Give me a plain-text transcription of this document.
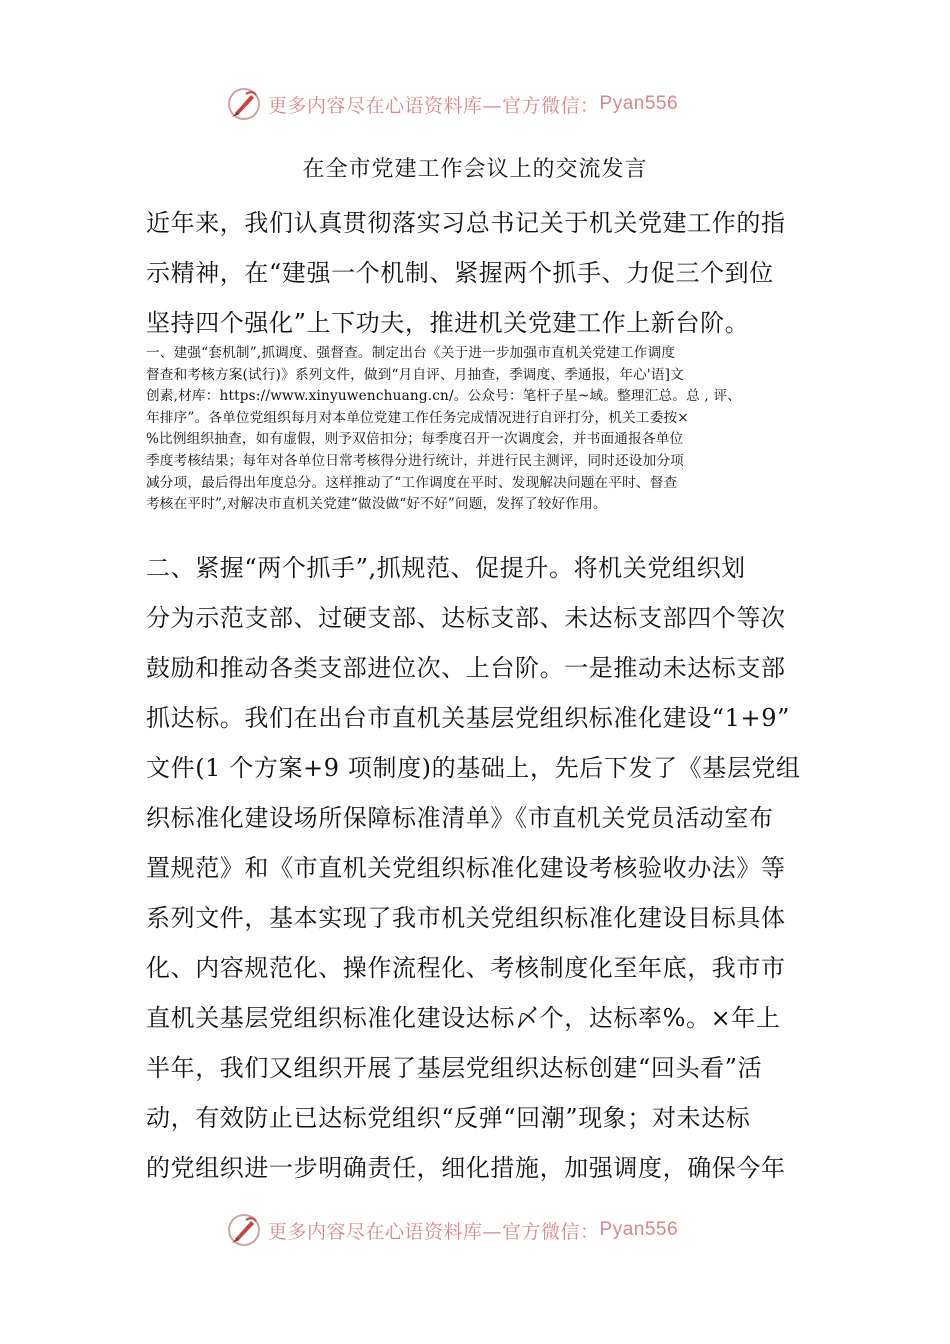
更多内容尽在心语资料库—官方微信： Pyan556
在全市党建工作会议上的交流发言
近年来，我们认真贯彻落实习总书记关于机关党建工作的指
示精神，在“建强一个机制、紧握两个抓手、力促三个到位
坚持四个强化”上下功夫，推进机关党建工作上新台阶。
一、建强“套机制”,抓调度、强督查。制定出台《关于进一步加强市直机关党建工作调度
督查和考核方案(试行)》系列文件，做到“月自评、月抽查，季调度、季通报，年心'语]文
创素,材库：https://www.xinyuwenchuang.cn/。公众号：笔杆子星~域。整理汇总。总 , 评、
年排序”。各单位党组织每月对本单位党建工作任务完成情况进行自评打分，机关工委按×
%比例组织抽查，如有虚假，则予双倍扣分；每季度召开一次调度会，并书面通报各单位
季度考核结果；每年对各单位日常考核得分进行统计，并进行民主测评，同时还设加分项
减分项，最后得出年度总分。这样推动了“工作调度在平时、发现解决问题在平时、督查
考核在平时”,对解决市直机关党建“做没做“好不好”问题，发挥了较好作用。
二、紧握“两个抓手”,抓规范、促提升。将机关党组织划
分为示范支部、过硬支部、达标支部、未达标支部四个等次
鼓励和推动各类支部进位次、上台阶。一是推动未达标支部
抓达标。我们在出台市直机关基层党组织标准化建设“1+9”
文件(1 个方案+9 项制度)的基础上，先后下发了《基层党组
织标准化建设场所保障标准清单》《市直机关党员活动室布
置规范》和《市直机关党组织标准化建设考核验收办法》等
系列文件，基本实现了我市机关党组织标准化建设目标具体
化、内容规范化、操作流程化、考核制度化至年底，我市市
直机关基层党组织标准化建设达标〆个，达标率%。×年上
半年，我们又组织开展了基层党组织达标创建“回头看”活
动，有效防止已达标党组织“反弹“回潮”现象；对未达标
的党组织进一步明确责任，细化措施，加强调度，确保今年
更多内容尽在心语资料库—官方微信： Pyan556
